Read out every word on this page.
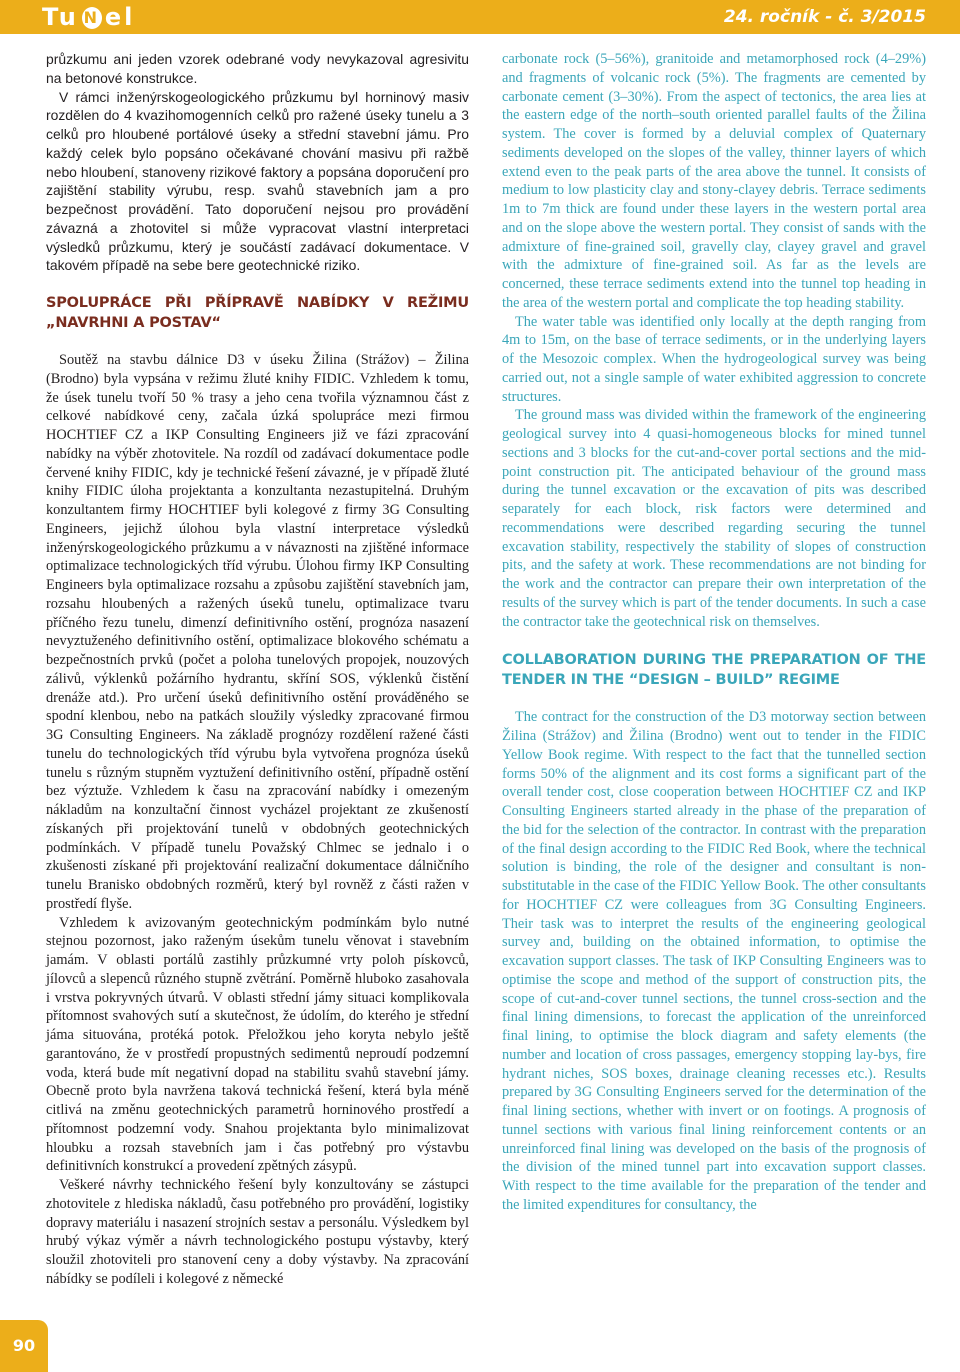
Tu N el	24. ročník - č. 3/2015

průzkumu ani jeden vzorek odebrané vody nevykazoval agresivitu na betonové konstrukce.

V rámci inženýrskogeologického průzkumu byl horninový masiv rozdělen do 4 kvazihomogenních celků pro ražené úseky tunelu a 3 celků pro hloubené portálové úseky a střední stavební jámu. Pro každý celek bylo popsáno očekávané chování masivu při ražbě nebo hloubení, stanoveny rizikové faktory a popsána doporučení pro zajištění stability výrubu, resp. svahů stavebních jam a pro bezpečnost provádění. Tato doporučení nejsou pro provádění závazná a zhotovitel si může vypracovat vlastní interpretaci výsledků průzkumu, který je součástí zadávací dokumentace. V takovém případě na sebe bere geotechnické riziko.

SPOLUPRÁCE PŘI PŘÍPRAVĚ NABÍDKY V REŽIMU „NAVRHNI A POSTAV“

Soutěž na stavbu dálnice D3 v úseku Žilina (Strážov) – Žilina (Brodno) byla vypsána v režimu žluté knihy FIDIC. Vzhledem k tomu, že úsek tunelu tvoří 50 % trasy a jeho cena tvořila významnou část z celkové nabídkové ceny, začala úzká spolupráce mezi firmou HOCHTIEF CZ a IKP Consulting Engineers již ve fázi zpracování nabídky na výběr zhotovitele. Na rozdíl od zadávací dokumentace podle červené knihy FIDIC, kdy je technické řešení závazné, je v případě žluté knihy FIDIC úloha projektanta a konzultanta nezastupitelná. Druhým konzultantem firmy HOCHTIEF byli kolegové z firmy 3G Consulting Engineers, jejichž úlohou byla vlastní interpretace výsledků inženýrskogeologického průzkumu a v návaznosti na zjištěné informace optimalizace technologických tříd výrubu. Úlohou firmy IKP Consulting Engineers byla optimalizace rozsahu a způsobu zajištění stavebních jam, rozsahu hloubených a ražených úseků tunelu, optimalizace tvaru příčného řezu tunelu, dimenzí definitivního ostění, prognóza nasazení nevyztuženého definitivního ostění, optimalizace blokového schématu a bezpečnostních prvků (počet a poloha tunelových propojek, nouzových zálivů, výklenků požárního hydrantu, skříní SOS, výklenků čistění drenáže atd.). Pro určení úseků definitivního ostění prováděného se spodní klenbou, nebo na patkách sloužily výsledky zpracované firmou 3G Consulting Engineers. Na základě prognózy rozdělení ražené části tunelu do technologických tříd výrubu byla vytvořena prognóza úseků tunelu s různým stupněm vyztužení definitivního ostění, případně ostění bez výztuže. Vzhledem k času na zpracování nabídky i omezeným nákladům na konzultační činnost vycházel projektant ze zkušeností získaných při projektování tunelů v obdobných geotechnických podmínkách. V případě tunelu Považský Chlmec se jednalo i o zkušenosti získané při projektování realizační dokumentace dálničního tunelu Branisko obdobných rozměrů, který byl rovněž z části ražen v prostředí flyše.

Vzhledem k avizovaným geotechnickým podmínkám bylo nutné stejnou pozornost, jako raženým úsekům tunelu věnovat i stavebním jamám. V oblasti portálů zastihly průzkumné vrty poloh pískovců, jílovců a slepenců různého stupně zvětrání. Poměrně hluboko zasahovala i vrstva pokryvných útvarů. V oblasti střední jámy situaci komplikovala přítomnost svahových sutí a skutečnost, že údolím, do kterého je střední jáma situována, protéká potok. Přeložkou jeho koryta nebylo ještě garantováno, že v prostředí propustných sedimentů neproudí podzemní voda, která bude mít negativní dopad na stabilitu svahů stavební jámy. Obecně proto byla navržena taková technická řešení, která byla méně citlivá na změnu geotechnických parametrů horninového prostředí a přítomnost podzemní vody. Snahou projektanta bylo minimalizovat hloubku a rozsah stavebních jam i čas potřebný pro výstavbu definitivních konstrukcí a provedení zpětných zásypů.

Veškeré návrhy technického řešení byly konzultovány se zástupci zhotovitele z hlediska nákladů, času potřebného pro provádění, logistiky dopravy materiálu i nasazení strojních sestav a personálu. Výsledkem byl hrubý výkaz výměr a návrh technologického postupu výstavby, který sloužil zhotoviteli pro stanovení ceny a doby výstavby. Na zpracování nábídky se podíleli i kolegové z německé

carbonate rock (5–56%), granitoide and metamorphosed rock (4–29%) and fragments of volcanic rock (5%). The fragments are cemented by carbonate cement (3–30%). From the aspect of tectonics, the area lies at the eastern edge of the north–south oriented parallel faults of the Žilina system. The cover is formed by a deluvial complex of Quaternary sediments developed on the slopes of the valley, thinner layers of which extend even to the peak parts of the area above the tunnel. It consists of medium to low plasticity clay and stony-clayey debris. Terrace sediments 1m to 7m thick are found under these layers in the western portal area and on the slope above the western portal. They consist of sands with the admixture of fine-grained soil, gravelly clay, clayey gravel and gravel with the admixture of fine-grained soil. As far as the levels are concerned, these terrace sediments extend into the tunnel top heading in the area of the western portal and complicate the top heading stability.

The water table was identified only locally at the depth ranging from 4m to 15m, on the base of terrace sediments, or in the underlying layers of the Mesozoic complex. When the hydrogeological survey was being carried out, not a single sample of water exhibited aggression to concrete structures.

The ground mass was divided within the framework of the engineering geological survey into 4 quasi-homogeneous blocks for mined tunnel sections and 3 blocks for the cut-and-cover portal sections and the mid-point construction pit. The anticipated behaviour of the ground mass during the tunnel excavation or the excavation of pits was described separately for each block, risk factors were determined and recommendations were described regarding securing the tunnel excavation stability, respectively the stability of slopes of construction pits, and the safety at work. These recommendations are not binding for the work and the contractor can prepare their own interpretation of the results of the survey which is part of the tender documents. In such a case the contractor take the geotechnical risk on themselves.

COLLABORATION DURING THE PREPARATION OF THE TENDER IN THE “DESIGN – BUILD” REGIME

The contract for the construction of the D3 motorway section between Žilina (Strážov) and Žilina (Brodno) went out to tender in the FIDIC Yellow Book regime. With respect to the fact that the tunnelled section forms 50% of the alignment and its cost forms a significant part of the overall tender cost, close cooperation between HOCHTIEF CZ and IKP Consulting Engineers started already in the phase of the preparation of the bid for the selection of the contractor. In contrast with the preparation of the final design according to the FIDIC Red Book, where the technical solution is binding, the role of the designer and consultant is non-substitutable in the case of the FIDIC Yellow Book. The other consultants for HOCHTIEF CZ were colleagues from 3G Consulting Engineers. Their task was to interpret the results of the engineering geological survey and, building on the obtained information, to optimise the excavation support classes. The task of IKP Consulting Engineers was to optimise the scope and method of the support of construction pits, the scope of cut-and-cover tunnel sections, the tunnel cross-section and the final lining dimensions, to forecast the application of the unreinforced final lining, to optimise the block diagram and safety elements (the number and location of cross passages, emergency stopping lay-bys, fire hydrant niches, SOS boxes, drainage cleaning recesses etc.). Results prepared by 3G Consulting Engineers served for the determination of the final lining sections, whether with invert or on footings. A prognosis of tunnel sections with various final lining reinforcement contents or an unreinforced final lining was developed on the basis of the prognosis of the division of the mined tunnel part into excavation support classes. With respect to the time available for the preparation of the tender and the limited expenditures for consultancy, the

90
